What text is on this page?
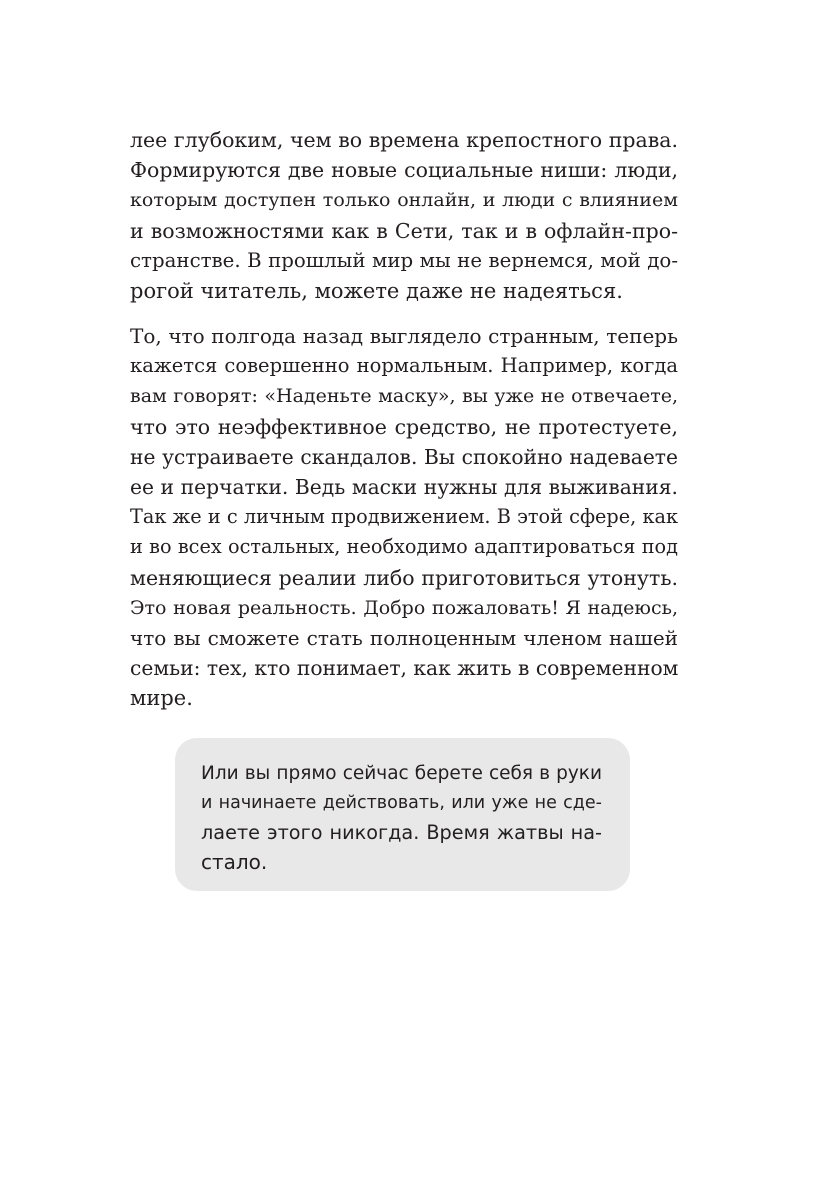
лее глубоким, чем во времена крепостного права.
Формируются две новые социальные ниши: люди,
которым доступен только онлайн, и люди с влиянием
и возможностями как в Сети, так и в офлайн-про-
странстве. В прошлый мир мы не вернемся, мой до-
рогой читатель, можете даже не надеяться.

То, что полгода назад выглядело странным, теперь
кажется совершенно нормальным. Например, когда
вам говорят: «Наденьте маску», вы уже не отвечаете,
что это неэффективное средство, не протестуете,
не устраиваете скандалов. Вы спокойно надеваете
ее и перчатки. Ведь маски нужны для выживания.
Так же и с личным продвижением. В этой сфере, как
и во всех остальных, необходимо адаптироваться под
меняющиеся реалии либо приготовиться утонуть.
Это новая реальность. Добро пожаловать! Я надеюсь,
что вы сможете стать полноценным членом нашей
семьи: тех, кто понимает, как жить в современном
мире.

Или вы прямо сейчас берете себя в руки
и начинаете действовать, или уже не сде-
лаете этого никогда. Время жатвы на-
стало.
